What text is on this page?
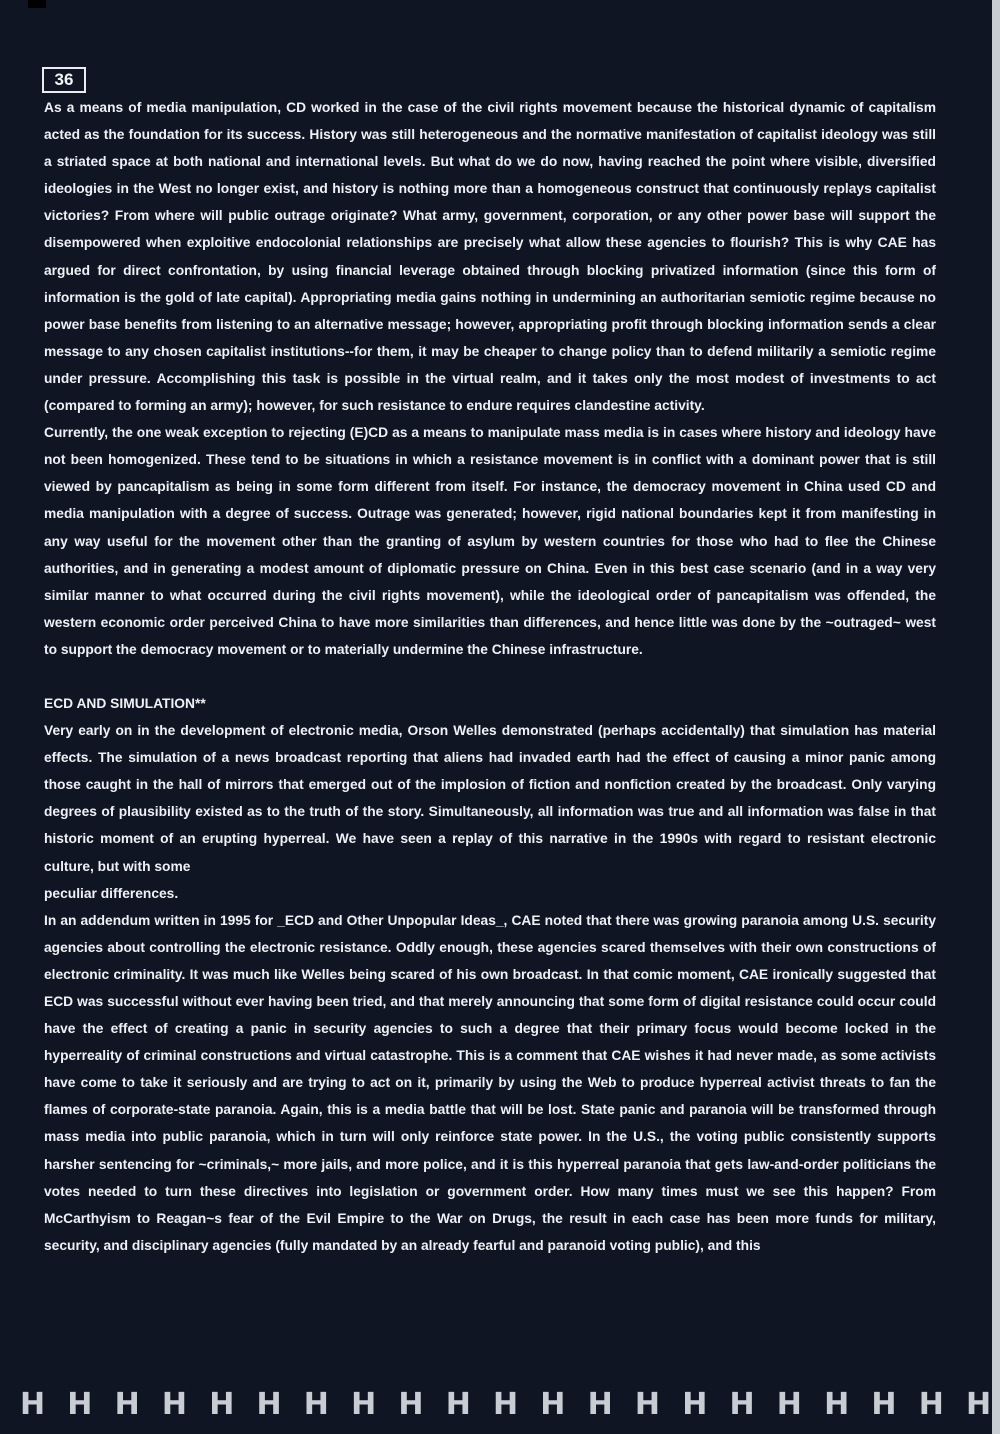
36

As a means of media manipulation, CD worked in the case of the civil rights movement because the historical dynamic of capitalism acted as the foundation for its success. History was still heterogeneous and the normative manifestation of capitalist ideology was still a striated space at both national and international levels. But what do we do now, having reached the point where visible, diversified ideologies in the West no longer exist, and history is nothing more than a homogeneous construct that continuously replays capitalist victories? From where will public outrage originate? What army, government, corporation, or any other power base will support the disempowered when exploitive endocolonial relationships are precisely what allow these agencies to flourish? This is why CAE has argued for direct confrontation, by using financial leverage obtained through blocking privatized information (since this form of information is the gold of late capital). Appropriating media gains nothing in undermining an authoritarian semiotic regime because no power base benefits from listening to an alternative message; however, appropriating profit through blocking information sends a clear message to any chosen capitalist institutions--for them, it may be cheaper to change policy than to defend militarily a semiotic regime under pressure. Accomplishing this task is possible in the virtual realm, and it takes only the most modest of investments to act (compared to forming an army); however, for such resistance to endure requires clandestine activity.

Currently, the one weak exception to rejecting (E)CD as a means to manipulate mass media is in cases where history and ideology have not been homogenized. These tend to be situations in which a resistance movement is in conflict with a dominant power that is still viewed by pancapitalism as being in some form different from itself. For instance, the democracy movement in China used CD and media manipulation with a degree of success. Outrage was generated; however, rigid national boundaries kept it from manifesting in any way useful for the movement other than the granting of asylum by western countries for those who had to flee the Chinese authorities, and in generating a modest amount of diplomatic pressure on China. Even in this best case scenario (and in a way very similar manner to what occurred during the civil rights movement), while the ideological order of pancapitalism was offended, the western economic order perceived China to have more similarities than differences, and hence little was done by the ~outraged~ west to support the democracy movement or to materially undermine the Chinese infrastructure.

ECD AND SIMULATION**

Very early on in the development of electronic media, Orson Welles demonstrated (perhaps accidentally) that simulation has material effects. The simulation of a news broadcast reporting that aliens had invaded earth had the effect of causing a minor panic among those caught in the hall of mirrors that emerged out of the implosion of fiction and nonfiction created by the broadcast. Only varying degrees of plausibility existed as to the truth of the story. Simultaneously, all information was true and all information was false in that historic moment of an erupting hyperreal. We have seen a replay of this narrative in the 1990s with regard to resistant electronic culture, but with some

peculiar differences.

In an addendum written in 1995 for _ECD and Other Unpopular Ideas_, CAE noted that there was growing paranoia among U.S. security agencies about controlling the electronic resistance. Oddly enough, these agencies scared themselves with their own constructions of electronic criminality. It was much like Welles being scared of his own broadcast. In that comic moment, CAE ironically suggested that ECD was successful without ever having been tried, and that merely announcing that some form of digital resistance could occur could have the effect of creating a panic in security agencies to such a degree that their primary focus would become locked in the hyperreality of criminal constructions and virtual catastrophe. This is a comment that CAE wishes it had never made, as some activists have come to take it seriously and are trying to act on it, primarily by using the Web to produce hyperreal activist threats to fan the flames of corporate-state paranoia. Again, this is a media battle that will be lost. State panic and paranoia will be transformed through mass media into public paranoia, which in turn will only reinforce state power. In the U.S., the voting public consistently supports harsher sentencing for ~criminals,~ more jails, and more police, and it is this hyperreal paranoia that gets law-and-order politicians the votes needed to turn these directives into legislation or government order. How many times must we see this happen? From McCarthyism to Reagan~s fear of the Evil Empire to the War on Drugs, the result in each case has been more funds for military, security, and disciplinary agencies (fully mandated by an already fearful and paranoid voting public), and this

H H H H H H H H H H H H H H H H H H H H H
